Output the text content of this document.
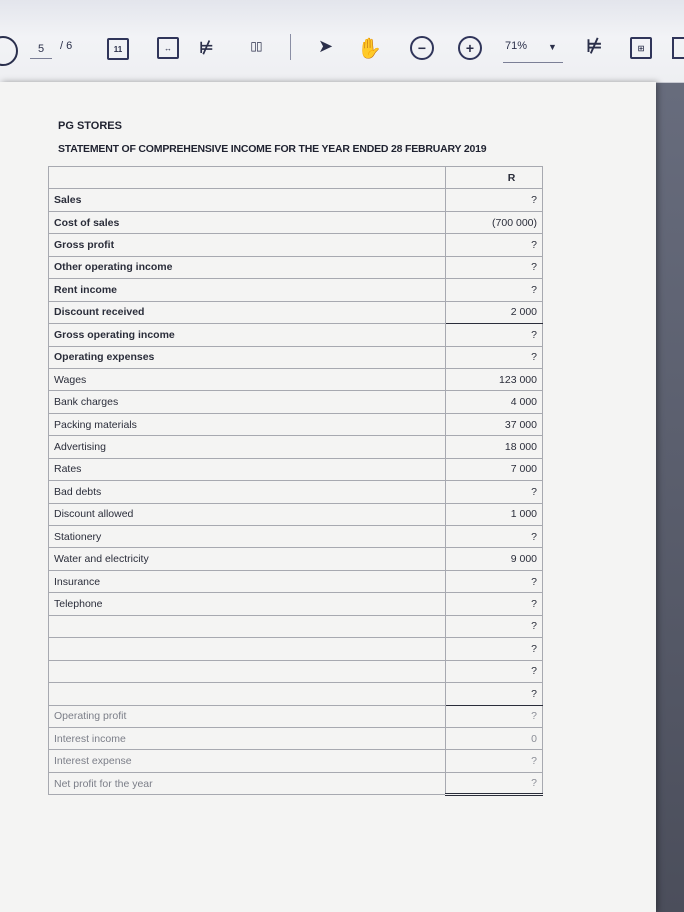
5	/ 6	11	↔	⊭	▯▯	➤ ✋	−	+	71%	▼ ⊭	⊞
PG STORES
STATEMENT OF COMPREHENSIVE INCOME FOR THE YEAR ENDED 28 FEBRUARY 2019
	R
Sales	?
Cost of sales	(700 000)
Gross profit	?
Other operating income	?
Rent income	?
Discount received	2 000
Gross operating income	?
Operating expenses	?
Wages	123 000
Bank charges	4 000
Packing materials	37 000
Advertising	18 000
Rates	7 000
Bad debts	?
Discount allowed	1 000
Stationery	?
Water and electricity	9 000
Insurance	?
Telephone	?
	?
	?
	?
	?
Operating profit	?
Interest income	0
Interest expense	?
Net profit for the year	?
